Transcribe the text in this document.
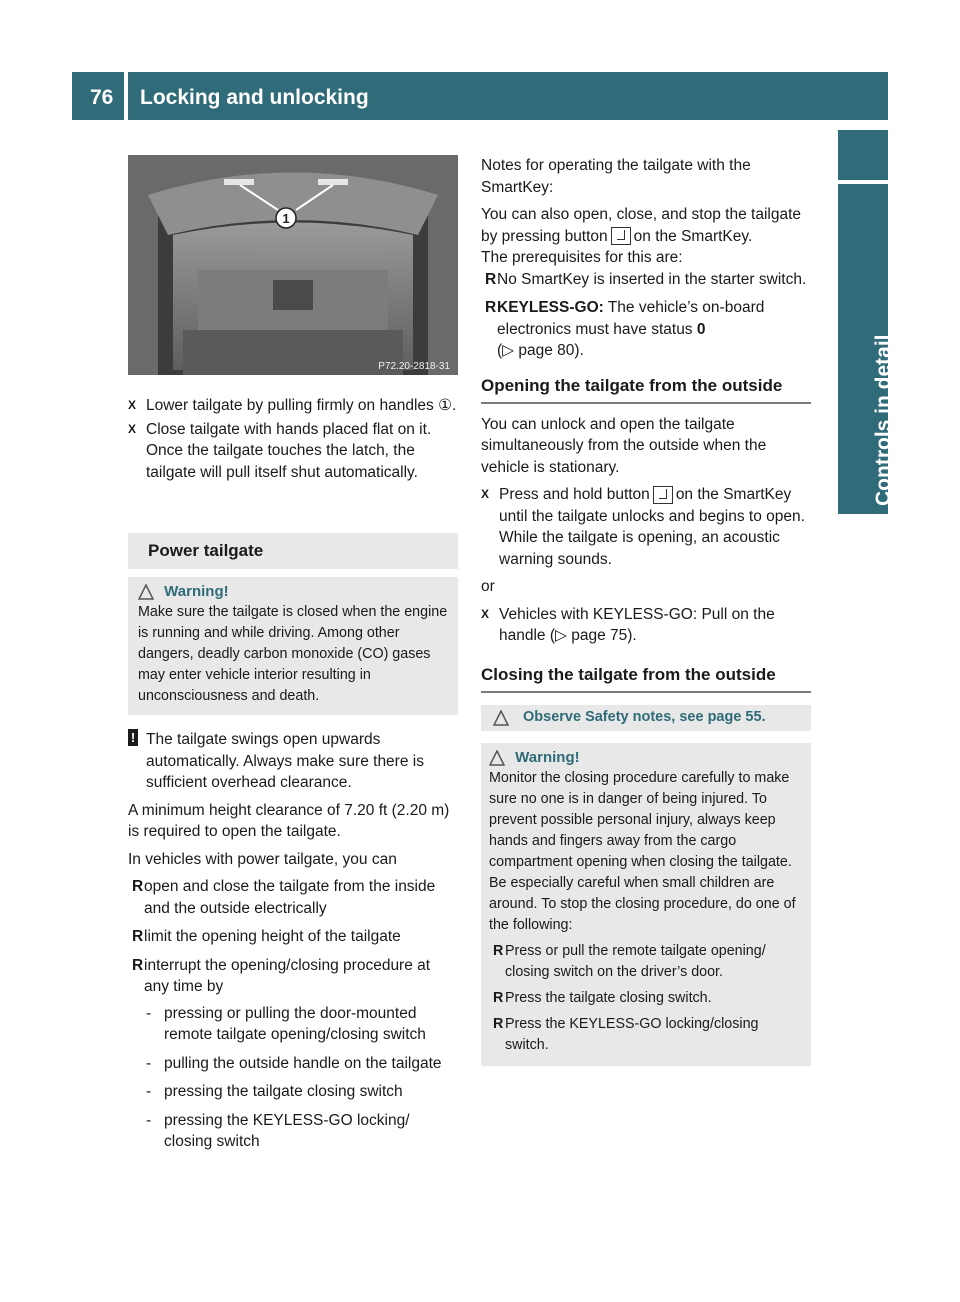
76 Locking and unlocking
Controls in detail
1
P72.20-2818-31
X Lower tailgate by pulling firmly on handles ①.
X Close tailgate with hands placed flat on it. Once the tailgate touches the latch, the tailgate will pull itself shut automatically.
Power tailgate
Warning!
Make sure the tailgate is closed when the engine is running and while driving. Among other dangers, deadly carbon monoxide (CO) gases may enter vehicle interior resulting in unconsciousness and death.
! The tailgate swings open upwards automatically. Always make sure there is sufficient overhead clearance.

A minimum height clearance of 7.20 ft (2.20 m) is required to open the tailgate.

In vehicles with power tailgate, you can

R open and close the tailgate from the inside and the outside electrically
R limit the opening height of the tailgate
R interrupt the opening/closing procedure at any time by
- pressing or pulling the door-mounted remote tailgate opening/closing switch
- pulling the outside handle on the tailgate
- pressing the tailgate closing switch
- pressing the KEYLESS-GO locking/ closing switch

Notes for operating the tailgate with the SmartKey:

You can also open, close, and stop the tailgate by pressing button on the SmartKey.

The prerequisites for this are:

R No SmartKey is inserted in the starter switch.
R KEYLESS-GO: The vehicle’s on-board electronics must have status 0
(▷ page 80).
Opening the tailgate from the outside

You can unlock and open the tailgate simultaneously from the outside when the vehicle is stationary.

X Press and hold button on the SmartKey until the tailgate unlocks and begins to open.
While the tailgate is opening, an acoustic warning sounds.

or

X Vehicles with KEYLESS-GO: Pull on the handle (▷ page 75).
Closing the tailgate from the outside
Observe Safety notes, see page 55.
Warning!
Monitor the closing procedure carefully to make sure no one is in danger of being injured. To prevent possible personal injury, always keep hands and fingers away from the cargo compartment opening when closing the tailgate. Be especially careful when small children are around. To stop the closing procedure, do one of the following:
R Press or pull the remote tailgate opening/ closing switch on the driver’s door.
R Press the tailgate closing switch.
R Press the KEYLESS-GO locking/closing switch.
